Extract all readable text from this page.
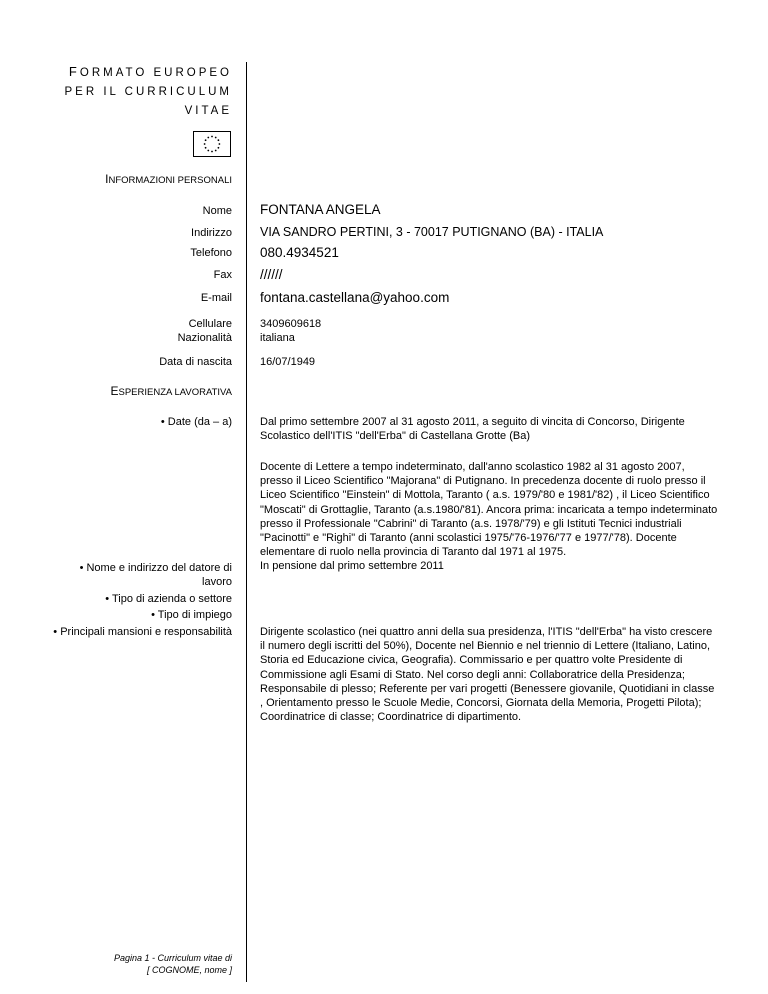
FORMATO EUROPEO
PER IL CURRICULUM
VITAE
INFORMAZIONI PERSONALI
Nome FONTANA ANGELA
Indirizzo VIA SANDRO PERTINI, 3 - 70017 PUTIGNANO (BA) - ITALIA
Telefono 080.4934521
Fax //////
E-mail fontana.castellana@yahoo.com
Cellulare	3409609618
Nazionalità	italiana
Data di nascita	16/07/1949
ESPERIENZA LAVORATIVA
• Date (da – a)	Dal primo settembre 2007 al 31 agosto 2011, a seguito di vincita di Concorso, Dirigente Scolastico dell'ITIS "dell'Erba" di Castellana Grotte (Ba)
Docente di Lettere a tempo indeterminato, dall'anno scolastico 1982 al 31 agosto 2007, presso il Liceo Scientifico "Majorana" di Putignano. In precedenza docente di ruolo presso il Liceo Scientifico "Einstein" di Mottola, Taranto ( a.s. 1979/'80 e 1981/'82) , il Liceo Scientifico "Moscati" di Grottaglie, Taranto (a.s.1980/'81). Ancora prima: incaricata a tempo indeterminato presso il Professionale "Cabrini" di Taranto (a.s. 1978/'79) e gli Istituti Tecnici industriali "Pacinotti" e "Righi" di Taranto (anni scolastici 1975/'76-1976/'77 e 1977/'78). Docente elementare di ruolo nella provincia di Taranto dal 1971 al 1975.
In pensione dal primo settembre 2011
• Nome e indirizzo del datore di
lavoro
• Tipo di azienda o settore
• Tipo di impiego
• Principali mansioni e responsabilità	Dirigente scolastico (nei quattro anni della sua presidenza, l'ITIS "dell'Erba" ha visto crescere il numero degli iscritti del 50%), Docente nel Biennio e nel triennio di Lettere (Italiano, Latino, Storia ed Educazione civica, Geografia). Commissario e per quattro volte Presidente di Commissione agli Esami di Stato. Nel corso degli anni: Collaboratrice della Presidenza; Responsabile di plesso; Referente per vari progetti (Benessere giovanile, Quotidiani in classe , Orientamento presso le Scuole Medie, Concorsi, Giornata della Memoria, Progetti Pilota); Coordinatrice di classe; Coordinatrice di dipartimento.
Pagina 1 - Curriculum vitae di
[ COGNOME, nome ]
